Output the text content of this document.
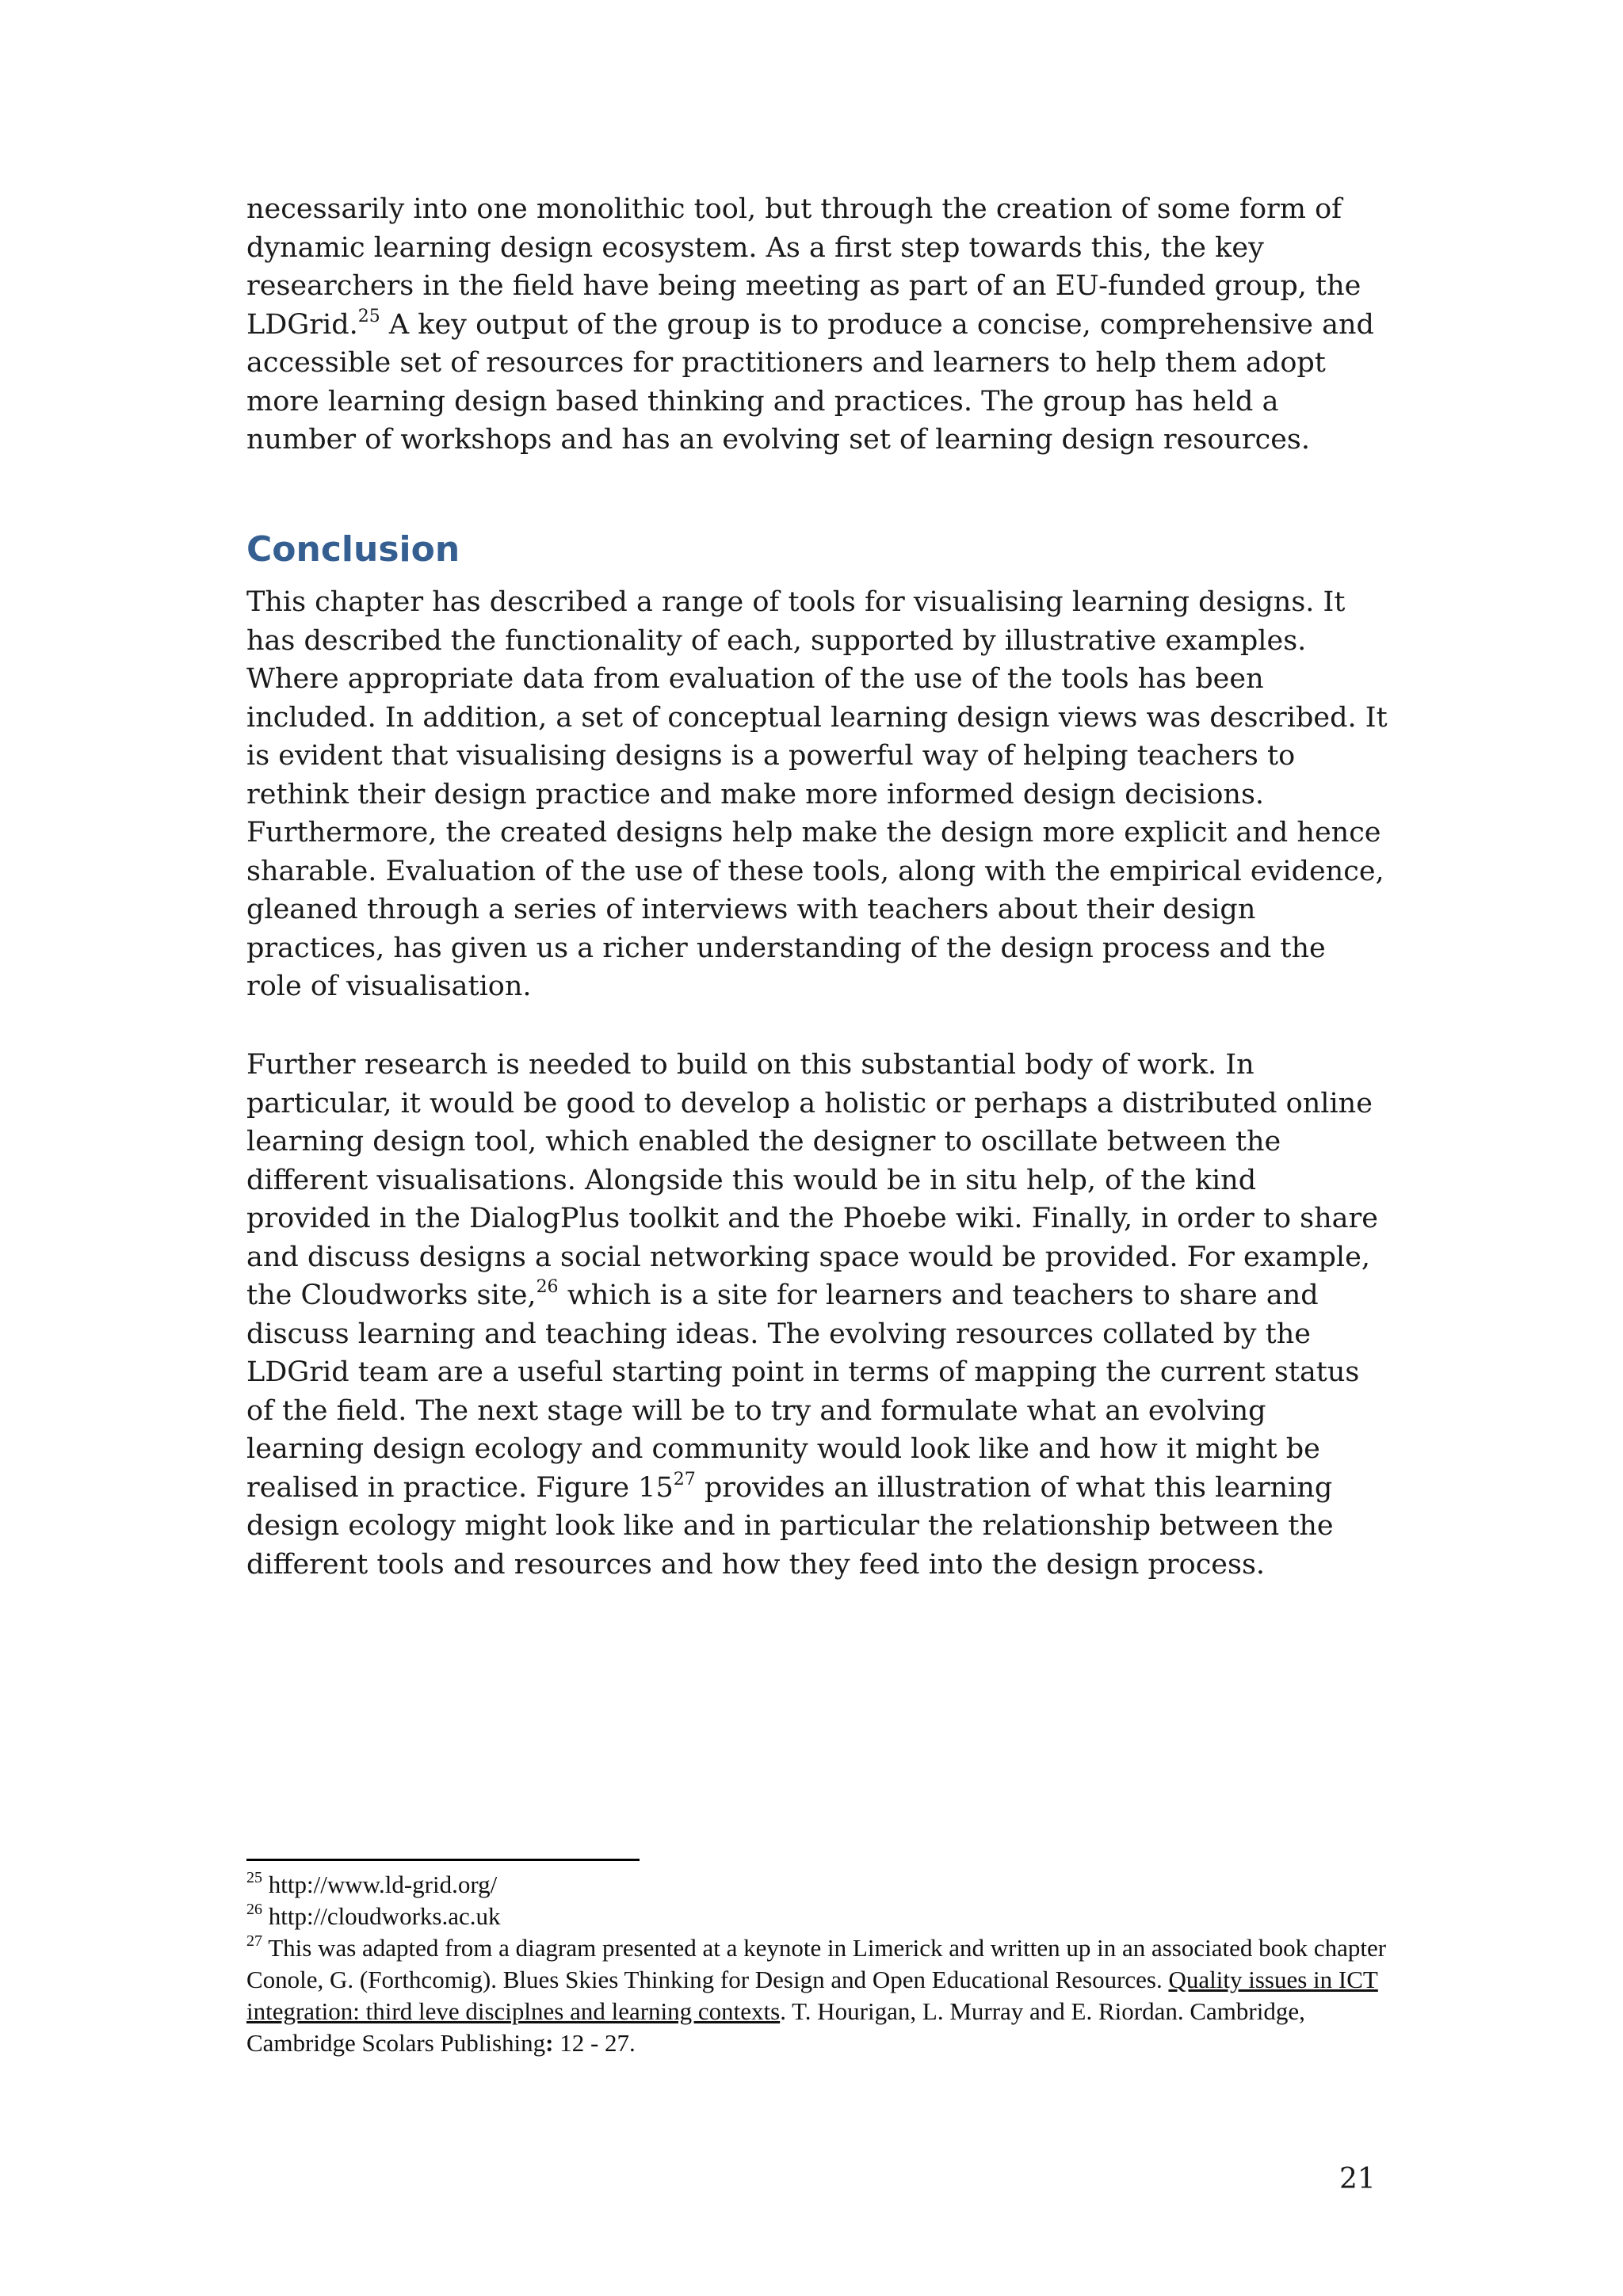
necessarily into one monolithic tool, but through the creation of some form of dynamic learning design ecosystem. As a first step towards this, the key researchers in the field have being meeting as part of an EU-funded group, the LDGrid.$^{25}$ A key output of the group is to produce a concise, comprehensive and accessible set of resources for practitioners and learners to help them adopt more learning design based thinking and practices. The group has held a number of workshops and has an evolving set of learning design resources.

Conclusion

This chapter has described a range of tools for visualising learning designs. It has described the functionality of each, supported by illustrative examples. Where appropriate data from evaluation of the use of the tools has been included. In addition, a set of conceptual learning design views was described. It is evident that visualising designs is a powerful way of helping teachers to rethink their design practice and make more informed design decisions. Furthermore, the created designs help make the design more explicit and hence sharable. Evaluation of the use of these tools, along with the empirical evidence, gleaned through a series of interviews with teachers about their design practices, has given us a richer understanding of the design process and the role of visualisation.

Further research is needed to build on this substantial body of work. In particular, it would be good to develop a holistic or perhaps a distributed online learning design tool, which enabled the designer to oscillate between the different visualisations. Alongside this would be in situ help, of the kind provided in the DialogPlus toolkit and the Phoebe wiki. Finally, in order to share and discuss designs a social networking space would be provided. For example, the Cloudworks site,$^{26}$ which is a site for learners and teachers to share and discuss learning and teaching ideas. The evolving resources collated by the LDGrid team are a useful starting point in terms of mapping the current status of the field. The next stage will be to try and formulate what an evolving learning design ecology and community would look like and how it might be realised in practice. Figure $15^{27}$ provides an illustration of what this learning design ecology might look like and in particular the relationship between the different tools and resources and how they feed into the design process.

$^{25}$ http://www.ld-grid.org/

$^{26}$ http://cloudworks.ac.uk

$^{27}$ This was adapted from a diagram presented at a keynote in Limerick and written up in an associated book chapter Conole, G. (Forthcomig). Blues Skies Thinking for Design and Open Educational Resources. Quality issues in ICT integration: third leve disciplnes and learning contexts. T. Hourigan, L. Murray and E. Riordan. Cambridge, Cambridge Scolars Publishing: 12 - 27.

21
